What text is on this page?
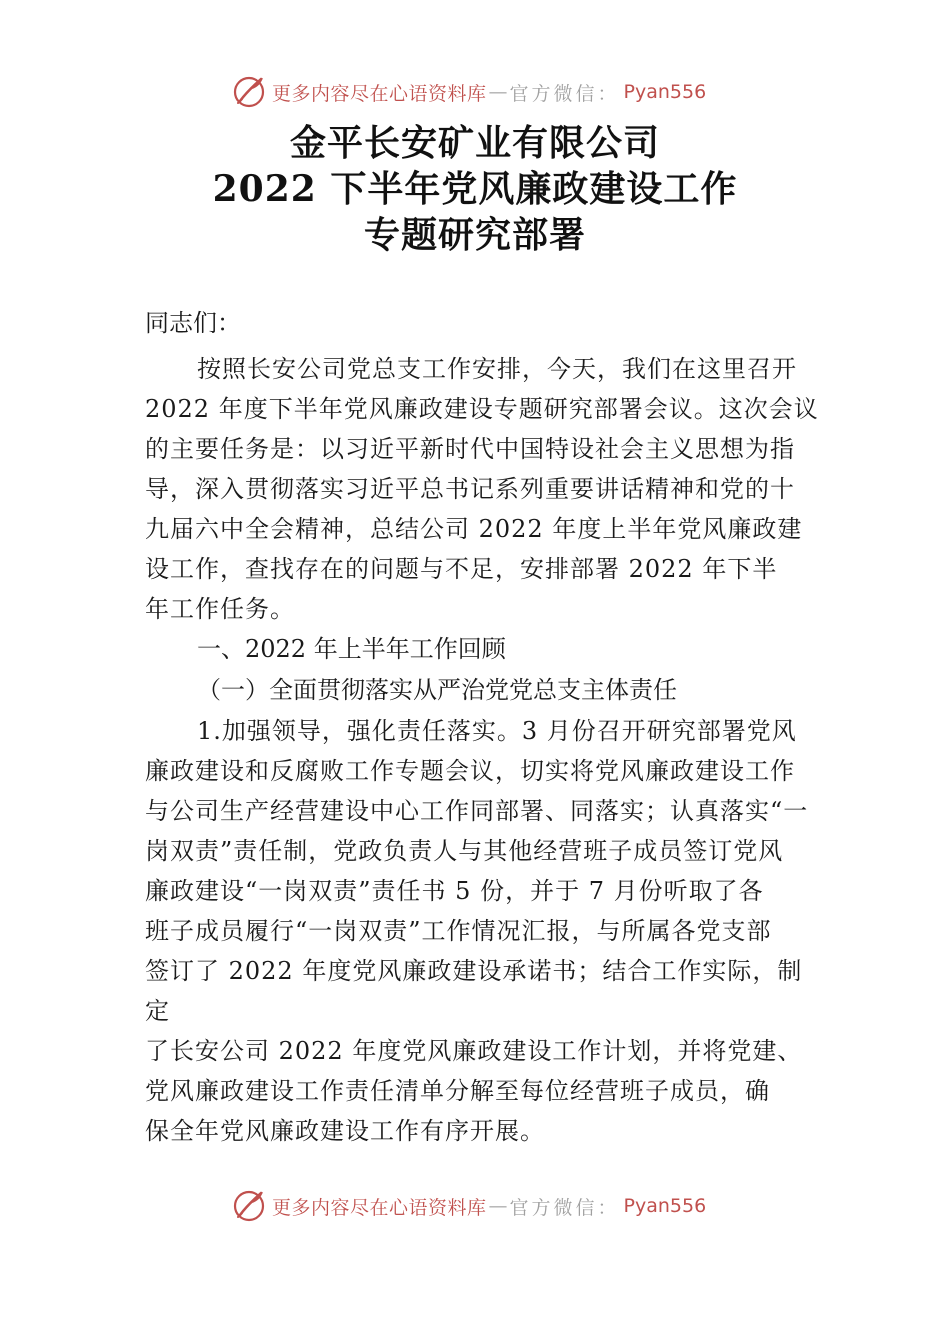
更多内容尽在心语资料库 — 官方微信： Pyan556
金平长安矿业有限公司
2022 下半年党风廉政建设工作
专题研究部署

同志们：

按照长安公司党总支工作安排，今天，我们在这里召开
2022 年度下半年党风廉政建设专题研究部署会议。这次会议
的主要任务是：以习近平新时代中国特设社会主义思想为指
导，深入贯彻落实习近平总书记系列重要讲话精神和党的十
九届六中全会精神，总结公司 2022 年度上半年党风廉政建
设工作，查找存在的问题与不足，安排部署 2022 年下半
年工作任务。

一、2022 年上半年工作回顾

（一）全面贯彻落实从严治党党总支主体责任

1.加强领导，强化责任落实。3 月份召开研究部署党风
廉政建设和反腐败工作专题会议，切实将党风廉政建设工作
与公司生产经营建设中心工作同部署、同落实；认真落实“一
岗双责”责任制，党政负责人与其他经营班子成员签订党风
廉政建设“一岗双责”责任书 5 份，并于 7 月份听取了各
班子成员履行“一岗双责”工作情况汇报，与所属各党支部
签订了 2022 年度党风廉政建设承诺书；结合工作实际，制
定
了长安公司 2022 年度党风廉政建设工作计划，并将党建、
党风廉政建设工作责任清单分解至每位经营班子成员，确
保全年党风廉政建设工作有序开展。
更多内容尽在心语资料库 — 官方微信： Pyan556
